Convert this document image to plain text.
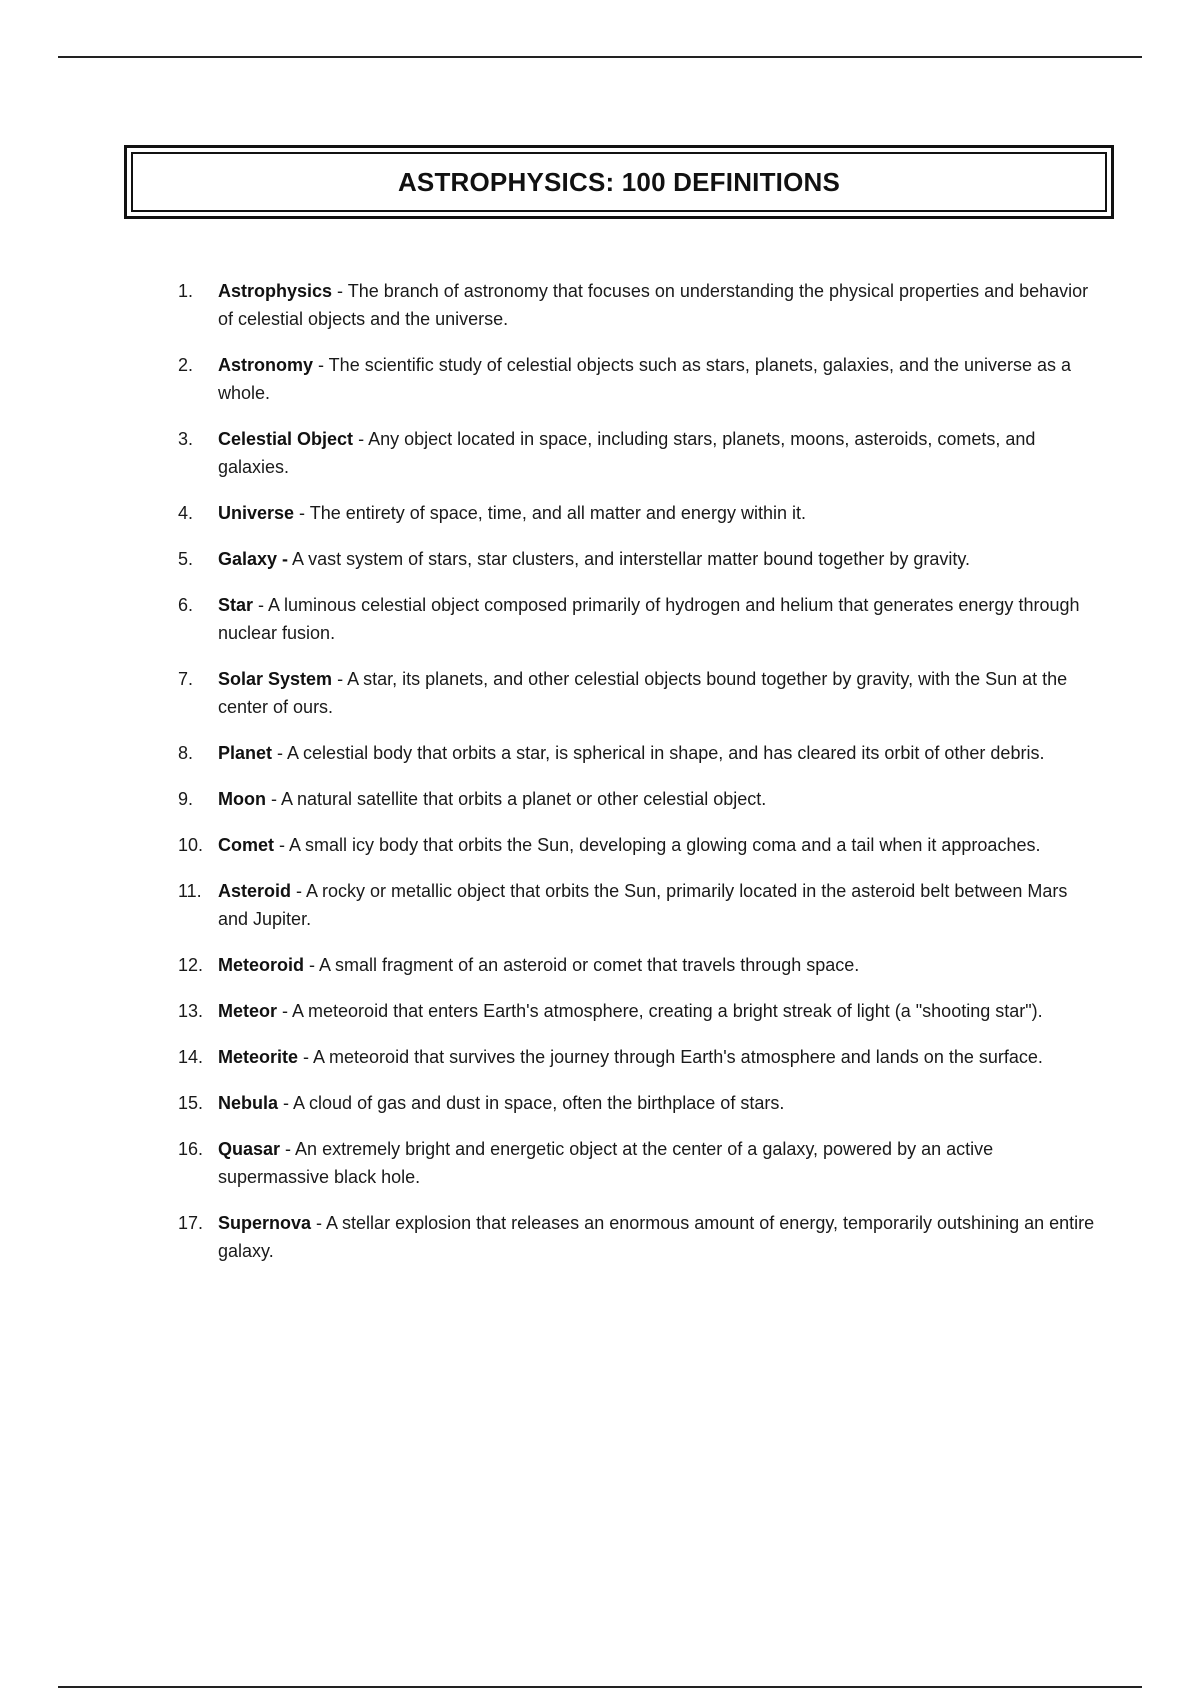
ASTROPHYSICS: 100 DEFINITIONS
1.	Astrophysics - The branch of astronomy that focuses on understanding the physical properties and behavior of celestial objects and the universe.
2.	Astronomy - The scientific study of celestial objects such as stars, planets, galaxies, and the universe as a whole.
3.	Celestial Object - Any object located in space, including stars, planets, moons, asteroids, comets, and galaxies.
4.	Universe - The entirety of space, time, and all matter and energy within it.
5.	Galaxy - A vast system of stars, star clusters, and interstellar matter bound together by gravity.
6.	Star - A luminous celestial object composed primarily of hydrogen and helium that generates energy through nuclear fusion.
7.	Solar System - A star, its planets, and other celestial objects bound together by gravity, with the Sun at the center of ours.
8.	Planet - A celestial body that orbits a star, is spherical in shape, and has cleared its orbit of other debris.
9.	Moon - A natural satellite that orbits a planet or other celestial object.
10. Comet - A small icy body that orbits the Sun, developing a glowing coma and a tail when it approaches.
11. Asteroid - A rocky or metallic object that orbits the Sun, primarily located in the asteroid belt between Mars and Jupiter.
12. Meteoroid - A small fragment of an asteroid or comet that travels through space.
13. Meteor - A meteoroid that enters Earth's atmosphere, creating a bright streak of light (a "shooting star").
14. Meteorite - A meteoroid that survives the journey through Earth's atmosphere and lands on the surface.
15. Nebula - A cloud of gas and dust in space, often the birthplace of stars.
16. Quasar - An extremely bright and energetic object at the center of a galaxy, powered by an active supermassive black hole.
17. Supernova - A stellar explosion that releases an enormous amount of energy, temporarily outshining an entire galaxy.
